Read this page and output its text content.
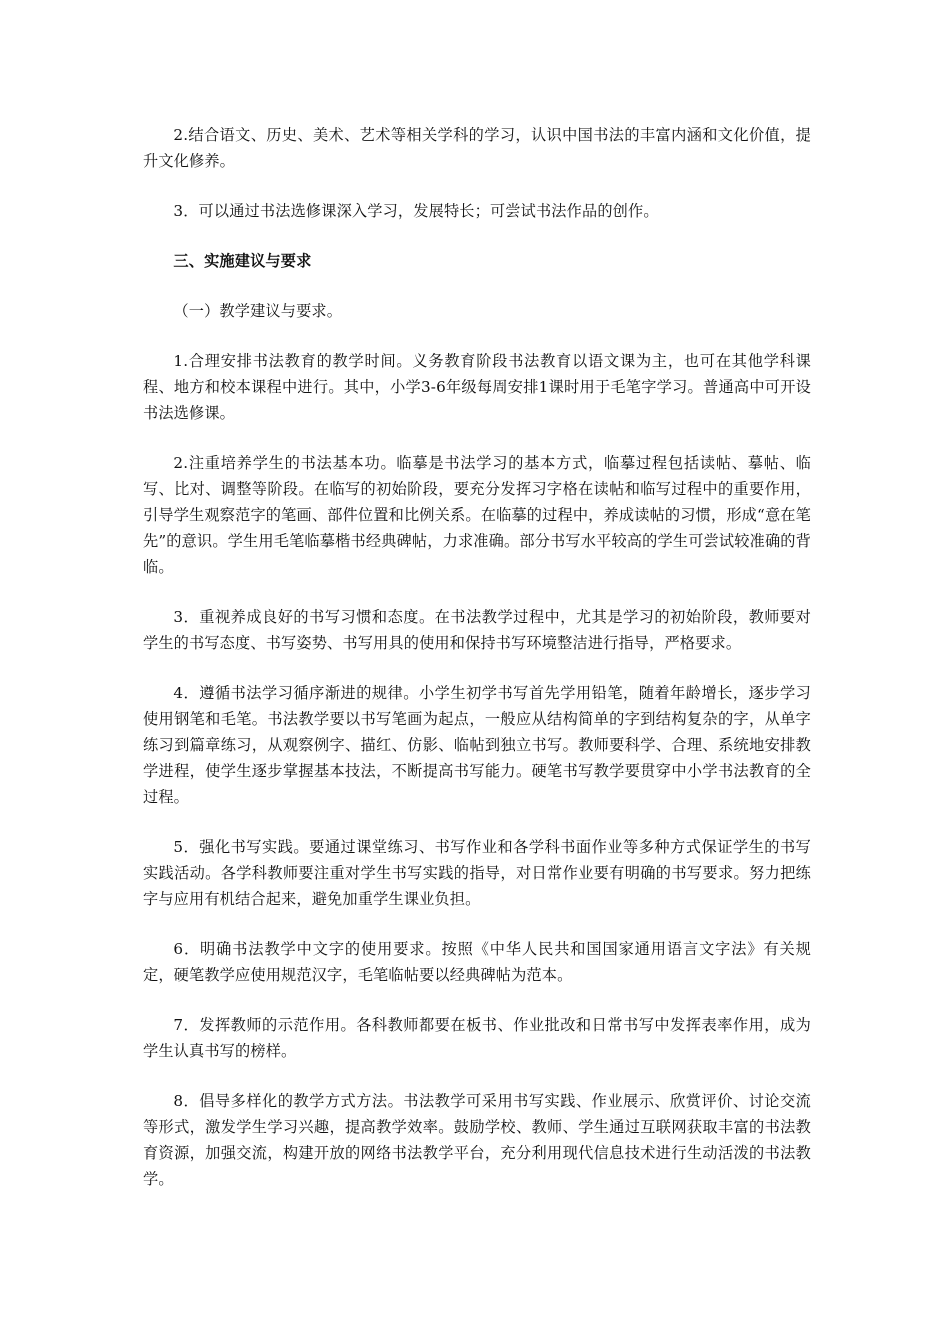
2.结合语文、历史、美术、艺术等相关学科的学习，认识中国书法的丰富内涵和文化价值，提升文化修养。

3．可以通过书法选修课深入学习，发展特长；可尝试书法作品的创作。

三、实施建议与要求

（一）教学建议与要求。

1.合理安排书法教育的教学时间。义务教育阶段书法教育以语文课为主，也可在其他学科课程、地方和校本课程中进行。其中，小学3-6年级每周安排1课时用于毛笔字学习。普通高中可开设书法选修课。

2.注重培养学生的书法基本功。临摹是书法学习的基本方式，临摹过程包括读帖、摹帖、临写、比对、调整等阶段。在临写的初始阶段，要充分发挥习字格在读帖和临写过程中的重要作用，引导学生观察范字的笔画、部件位置和比例关系。在临摹的过程中，养成读帖的习惯，形成“意在笔先”的意识。学生用毛笔临摹楷书经典碑帖，力求准确。部分书写水平较高的学生可尝试较准确的背临。

3．重视养成良好的书写习惯和态度。在书法教学过程中，尤其是学习的初始阶段，教师要对学生的书写态度、书写姿势、书写用具的使用和保持书写环境整洁进行指导，严格要求。

4．遵循书法学习循序渐进的规律。小学生初学书写首先学用铅笔，随着年龄增长，逐步学习使用钢笔和毛笔。书法教学要以书写笔画为起点，一般应从结构简单的字到结构复杂的字，从单字练习到篇章练习，从观察例字、描红、仿影、临帖到独立书写。教师要科学、合理、系统地安排教学进程，使学生逐步掌握基本技法，不断提高书写能力。硬笔书写教学要贯穿中小学书法教育的全过程。

5．强化书写实践。要通过课堂练习、书写作业和各学科书面作业等多种方式保证学生的书写实践活动。各学科教师要注重对学生书写实践的指导，对日常作业要有明确的书写要求。努力把练字与应用有机结合起来，避免加重学生课业负担。

6．明确书法教学中文字的使用要求。按照《中华人民共和国国家通用语言文字法》有关规定，硬笔教学应使用规范汉字，毛笔临帖要以经典碑帖为范本。

7．发挥教师的示范作用。各科教师都要在板书、作业批改和日常书写中发挥表率作用，成为学生认真书写的榜样。

8．倡导多样化的教学方式方法。书法教学可采用书写实践、作业展示、欣赏评价、讨论交流等形式，激发学生学习兴趣，提高教学效率。鼓励学校、教师、学生通过互联网获取丰富的书法教育资源，加强交流，构建开放的网络书法教学平台，充分利用现代信息技术进行生动活泼的书法教学。
